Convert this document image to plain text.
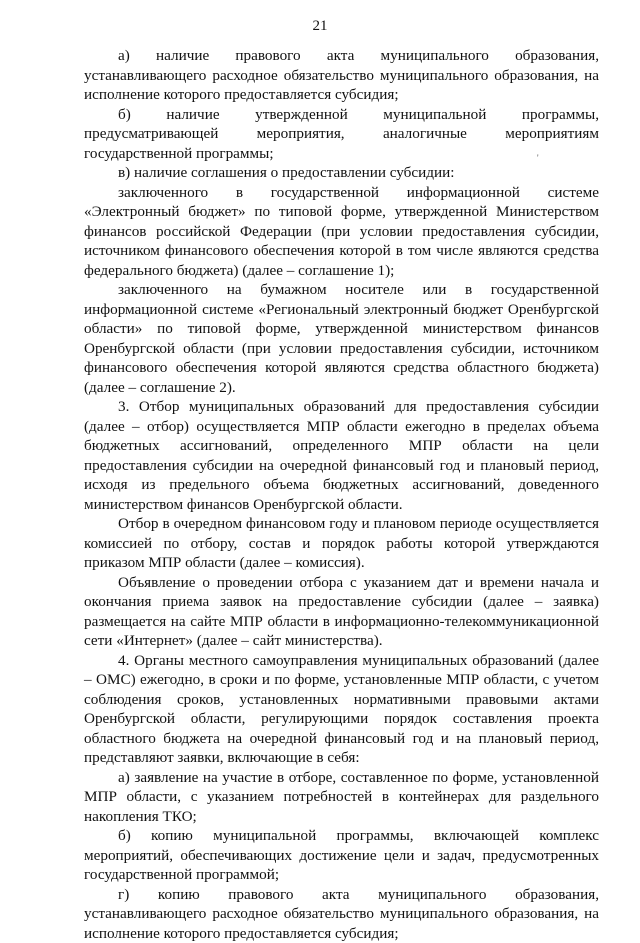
21
'

а) наличие правового акта муниципального образования, устанавливающего расходное обязательство муниципального образования, на исполнение которого предоставляется субсидия;

б) наличие утвержденной муниципальной программы, предусматривающей мероприятия, аналогичные мероприятиям государственной программы;

в) наличие соглашения о предоставлении субсидии:

заключенного в государственной информационной системе «Электронный бюджет» по типовой форме, утвержденной Министерством финансов российской Федерации (при условии предоставления субсидии, источником финансового обеспечения которой в том числе являются средства федерального бюджета) (далее – соглашение 1);

заключенного на бумажном носителе или в государственной информационной системе «Региональный электронный бюджет Оренбургской области» по типовой форме, утвержденной министерством финансов Оренбургской области (при условии предоставления субсидии, источником финансового обеспечения которой являются средства областного бюджета) (далее – соглашение 2).

3. Отбор муниципальных образований для предоставления субсидии (далее – отбор) осуществляется МПР области ежегодно в пределах объема бюджетных ассигнований, определенного МПР области на цели предоставления субсидии на очередной финансовый год и плановый период, исходя из предельного объема бюджетных ассигнований, доведенного министерством финансов Оренбургской области.

Отбор в очередном финансовом году и плановом периоде осуществляется комиссией по отбору, состав и порядок работы которой утверждаются приказом МПР области (далее – комиссия).

Объявление о проведении отбора с указанием дат и времени начала и окончания приема заявок на предоставление субсидии (далее – заявка) размещается на сайте МПР области в информационно-телекоммуникационной сети «Интернет» (далее – сайт министерства).

4. Органы местного самоуправления муниципальных образований (далее – ОМС) ежегодно, в сроки и по форме, установленные МПР области, с учетом соблюдения сроков, установленных нормативными правовыми актами Оренбургской области, регулирующими порядок составления проекта областного бюджета на очередной финансовый год и на плановый период, представляют заявки, включающие в себя:

а) заявление на участие в отборе, составленное по форме, установленной МПР области, с указанием потребностей в контейнерах для раздельного накопления ТКО;

б) копию муниципальной программы, включающей комплекс мероприятий, обеспечивающих достижение цели и задач, предусмотренных государственной программой;

г) копию правового акта муниципального образования, устанавливающего расходное обязательство муниципального образования, на исполнение которого предоставляется субсидия;
